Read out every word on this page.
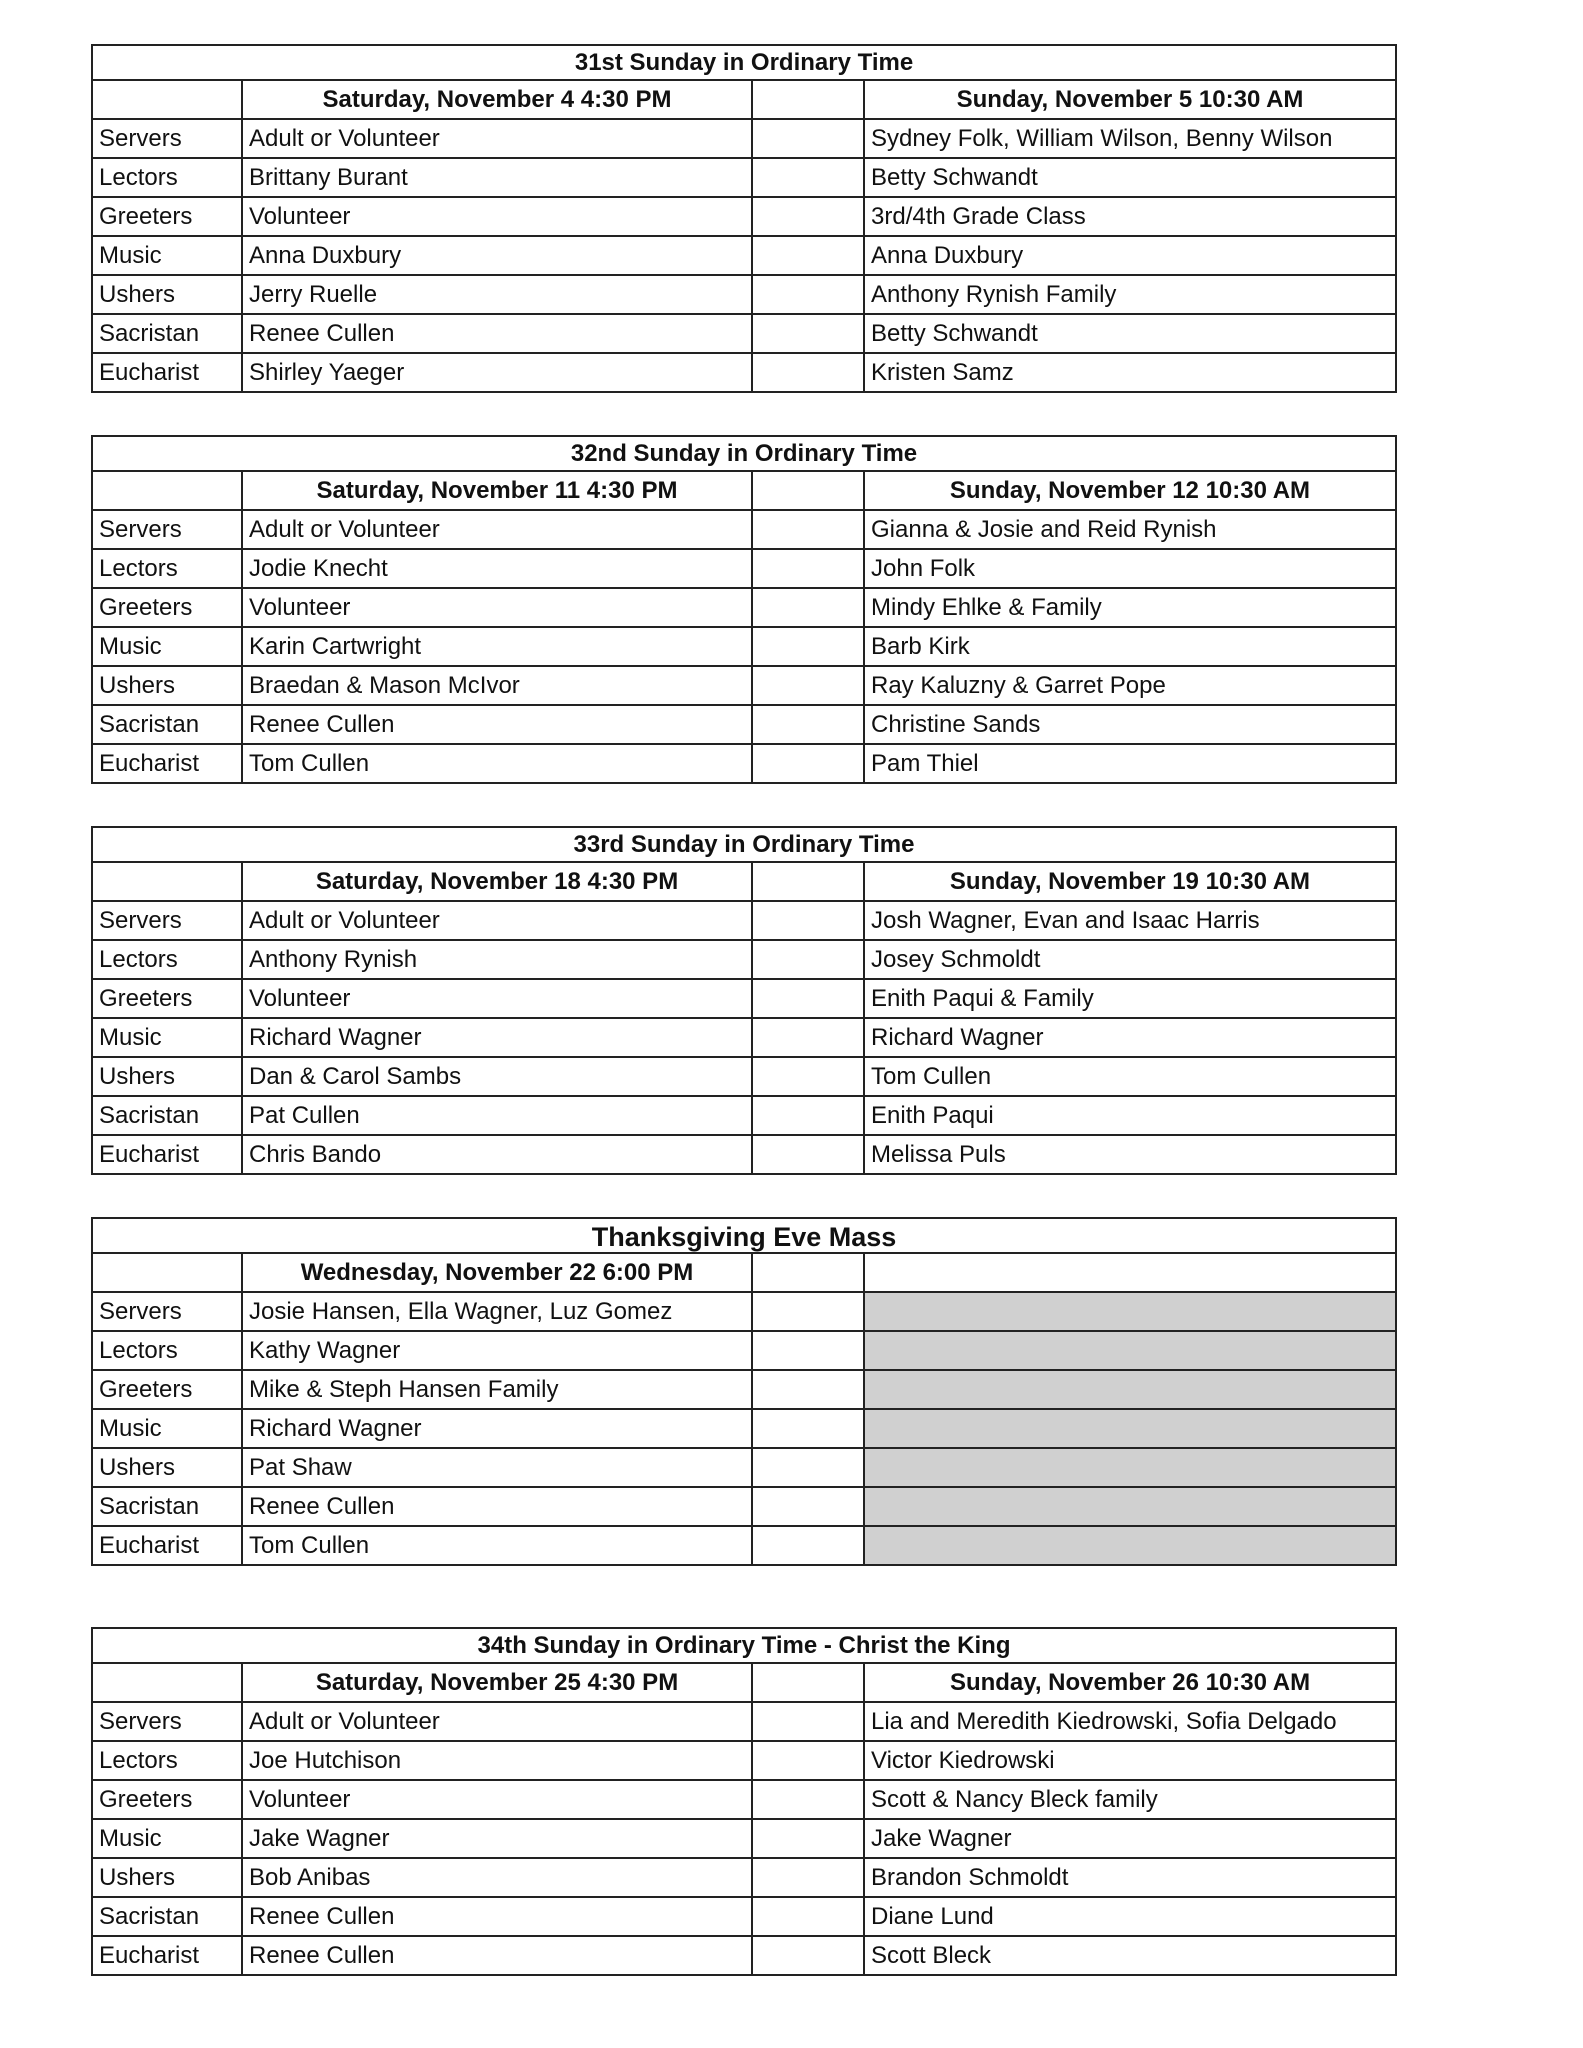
31st Sunday in Ordinary Time			
	Saturday, November 4 4:30 PM		Sunday, November 5 10:30 AM
Servers	Adult or Volunteer		Sydney Folk, William Wilson, Benny Wilson
Lectors	Brittany Burant		Betty Schwandt
Greeters	Volunteer		3rd/4th Grade Class
Music	Anna Duxbury		Anna Duxbury
Ushers	Jerry Ruelle		Anthony Rynish Family
Sacristan	Renee Cullen		Betty Schwandt
Eucharist	Shirley Yaeger		Kristen Samz
32nd Sunday in Ordinary Time			
	Saturday, November 11 4:30 PM		Sunday, November 12 10:30 AM
Servers	Adult or Volunteer		Gianna & Josie and Reid Rynish
Lectors	Jodie Knecht		John Folk
Greeters	Volunteer		Mindy Ehlke & Family
Music	Karin Cartwright		Barb Kirk
Ushers	Braedan & Mason McIvor		Ray Kaluzny & Garret Pope
Sacristan	Renee Cullen		Christine Sands
Eucharist	Tom Cullen		Pam Thiel
33rd Sunday in Ordinary Time			
	Saturday, November 18 4:30 PM		Sunday, November 19 10:30 AM
Servers	Adult or Volunteer		Josh Wagner, Evan and Isaac Harris
Lectors	Anthony Rynish		Josey Schmoldt
Greeters	Volunteer		Enith Paqui & Family
Music	Richard Wagner		Richard Wagner
Ushers	Dan & Carol Sambs		Tom Cullen
Sacristan	Pat Cullen		Enith Paqui
Eucharist	Chris Bando		Melissa Puls
Thanksgiving Eve Mass			
	Wednesday, November 22 6:00 PM		
Servers	Josie Hansen, Ella Wagner, Luz Gomez		
Lectors	Kathy Wagner		
Greeters	Mike & Steph Hansen Family		
Music	Richard Wagner		
Ushers	Pat Shaw		
Sacristan	Renee Cullen		
Eucharist	Tom Cullen		
34th Sunday in Ordinary Time - Christ the King			
	Saturday, November 25 4:30 PM		Sunday, November 26 10:30 AM
Servers	Adult or Volunteer		Lia and Meredith Kiedrowski, Sofia Delgado
Lectors	Joe Hutchison		Victor Kiedrowski
Greeters	Volunteer		Scott & Nancy Bleck family
Music	Jake Wagner		Jake Wagner
Ushers	Bob Anibas		Brandon Schmoldt
Sacristan	Renee Cullen		Diane Lund
Eucharist	Renee Cullen		Scott Bleck
